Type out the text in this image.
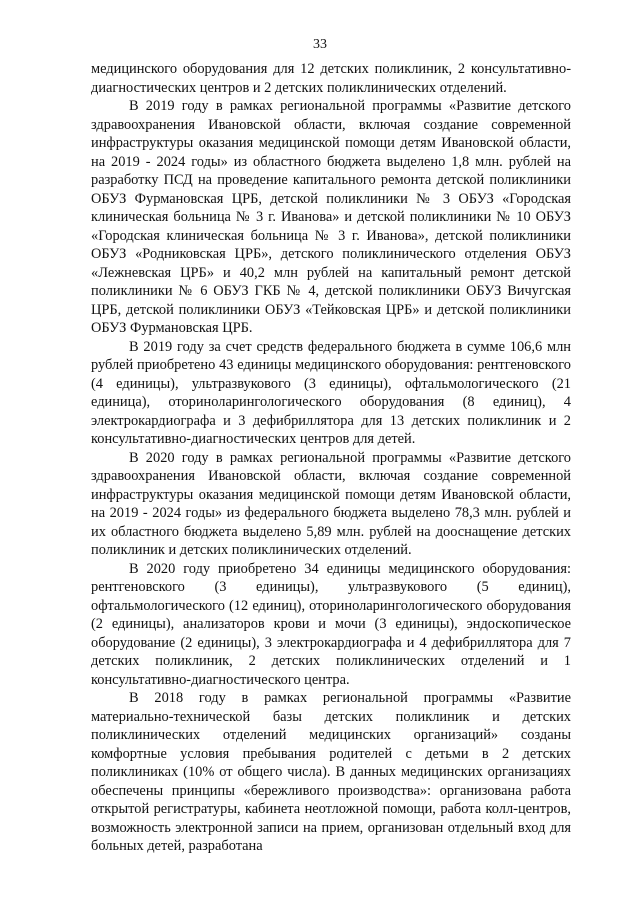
33

медицинского оборудования для 12 детских поликлиник, 2 консультативно-диагностических центров и 2 детских поликлинических отделений.

В 2019 году в рамках региональной программы «Развитие детского здравоохранения Ивановской области, включая создание современной инфраструктуры оказания медицинской помощи детям Ивановской области, на 2019 - 2024 годы» из областного бюджета выделено 1,8 млн. рублей на разработку ПСД на проведение капитального ремонта детской поликлиники ОБУЗ Фурмановская ЦРБ, детской поликлиники № 3 ОБУЗ «Городская клиническая больница № 3 г. Иванова» и детской поликлиники № 10 ОБУЗ «Городская клиническая больница № 3 г. Иванова», детской поликлиники ОБУЗ «Родниковская ЦРБ», детского поликлинического отделения ОБУЗ «Лежневская ЦРБ» и 40,2 млн рублей на капитальный ремонт детской поликлиники № 6 ОБУЗ ГКБ № 4, детской поликлиники ОБУЗ Вичугская ЦРБ, детской поликлиники ОБУЗ «Тейковская ЦРБ» и детской поликлиники ОБУЗ Фурмановская ЦРБ.

В 2019 году за счет средств федерального бюджета в сумме 106,6 млн рублей приобретено 43 единицы медицинского оборудования: рентгеновского (4 единицы), ультразвукового (3 единицы), офтальмологического (21 единица), оториноларингологического оборудования (8 единиц), 4 электрокардиографа и 3 дефибриллятора для 13 детских поликлиник и 2 консультативно-диагностических центров для детей.

В 2020 году в рамках региональной программы «Развитие детского здравоохранения Ивановской области, включая создание современной инфраструктуры оказания медицинской помощи детям Ивановской области, на 2019 - 2024 годы» из федерального бюджета выделено 78,3 млн. рублей и их областного бюджета выделено 5,89 млн. рублей на дооснащение детских поликлиник и детских поликлинических отделений.

В 2020 году приобретено 34 единицы медицинского оборудования: рентгеновского (3 единицы), ультразвукового (5 единиц), офтальмологического (12 единиц), оториноларингологического оборудования (2 единицы), анализаторов крови и мочи (3 единицы), эндоскопическое оборудование (2 единицы), 3 электрокардиографа и 4 дефибриллятора для 7 детских поликлиник, 2 детских поликлинических отделений и 1 консультативно-диагностического центра.

В 2018 году в рамках региональной программы «Развитие материально-технической базы детских поликлиник и детских поликлинических отделений медицинских организаций» созданы комфортные условия пребывания родителей с детьми в 2 детских поликлиниках (10% от общего числа). В данных медицинских организациях обеспечены принципы «бережливого производства»: организована работа открытой регистратуры, кабинета неотложной помощи, работа колл-центров, возможность электронной записи на прием, организован отдельный вход для больных детей, разработана
